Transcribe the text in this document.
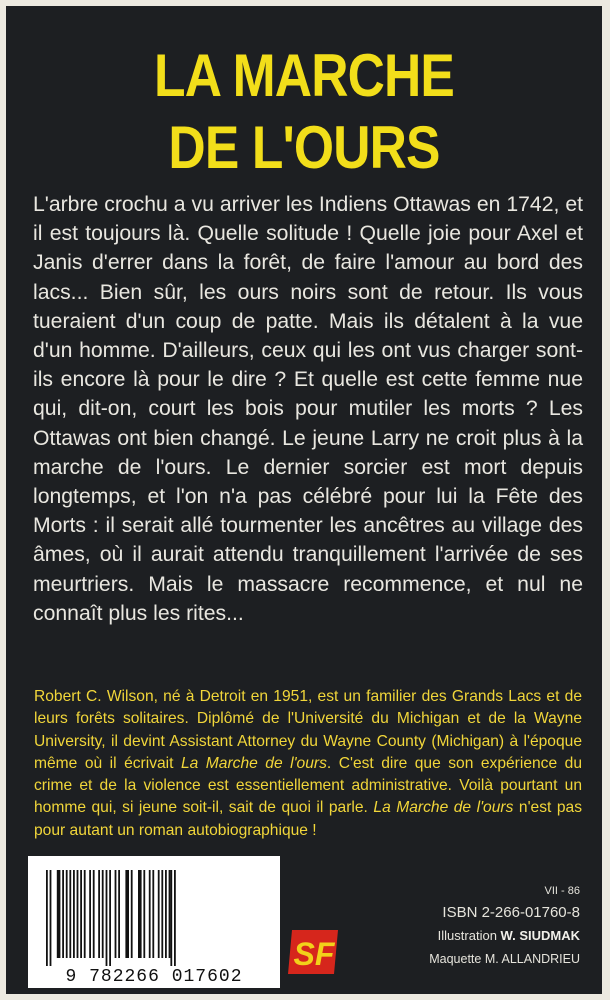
LA MARCHE
DE L'OURS

L'arbre crochu a vu arriver les Indiens Ottawas en 1742, et il est toujours là. Quelle solitude ! Quelle joie pour Axel et Janis d'errer dans la forêt, de faire l'amour au bord des lacs... Bien sûr, les ours noirs sont de retour. Ils vous tueraient d'un coup de patte. Mais ils détalent à la vue d'un homme. D'ailleurs, ceux qui les ont vus charger sont-ils encore là pour le dire ? Et quelle est cette femme nue qui, dit-on, court les bois pour mutiler les morts ? Les Ottawas ont bien changé. Le jeune Larry ne croit plus à la marche de l'ours. Le dernier sorcier est mort depuis longtemps, et l'on n'a pas célébré pour lui la Fête des Morts : il serait allé tourmenter les ancêtres au village des âmes, où il aurait attendu tranquillement l'arrivée de ses meurtriers. Mais le massacre recommence, et nul ne connaît plus les rites...

Robert C. Wilson, né à Detroit en 1951, est un familier des Grands Lacs et de leurs forêts solitaires. Diplômé de l'Université du Michigan et de la Wayne University, il devint Assistant Attorney du Wayne County (Michigan) à l'époque même où il écrivait La Marche de l'ours. C'est dire que son expérience du crime et de la violence est essentiellement administrative. Voilà pourtant un homme qui, si jeune soit-il, sait de quoi il parle. La Marche de l'ours n'est pas pour autant un roman autobiographique !

9 782266 017602
SF
VII - 86
ISBN 2-266-01760-8
Illustration W. SIUDMAK
Maquette M. ALLANDRIEU
